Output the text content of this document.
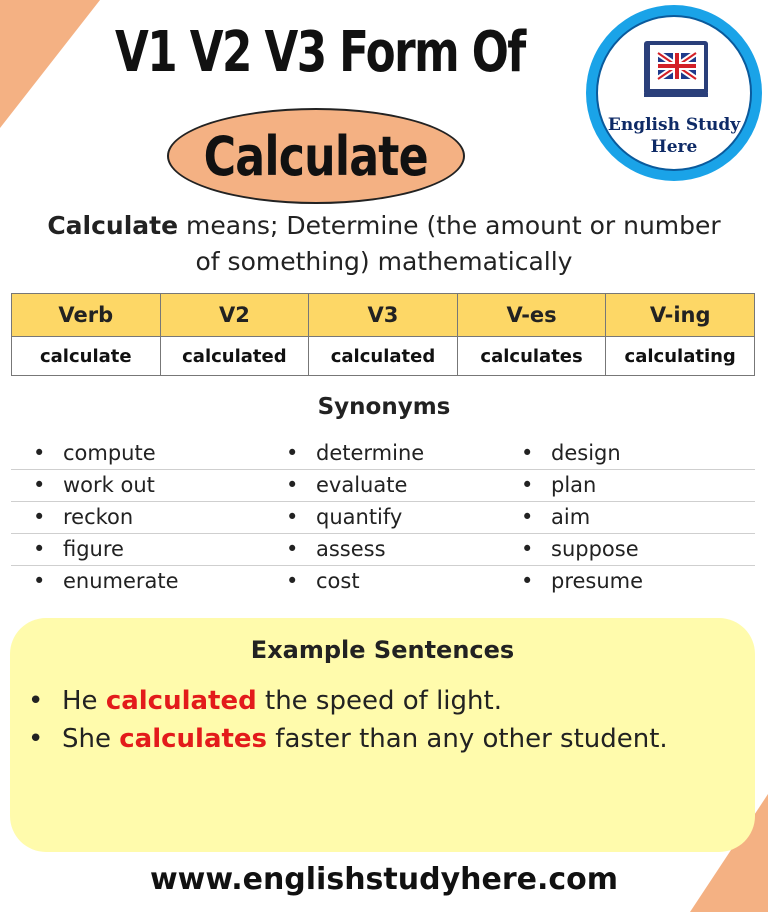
V1 V2 V3 Form Of
Calculate	English Study
Here
Calculate means; Determine (the amount or number
of something) mathematically
Verb	V2	V3	V-es	V-ing
calculate	calculated	calculated	calculates	calculating
Synonyms
• compute	• determine	• design
• work out	• evaluate	• plan
• reckon	• quantify	• aim
• figure	• assess	• suppose
• enumerate	• cost	• presume
Example Sentences
• He calculated the speed of light.
• She calculates faster than any other student.
www.englishstudyhere.com
